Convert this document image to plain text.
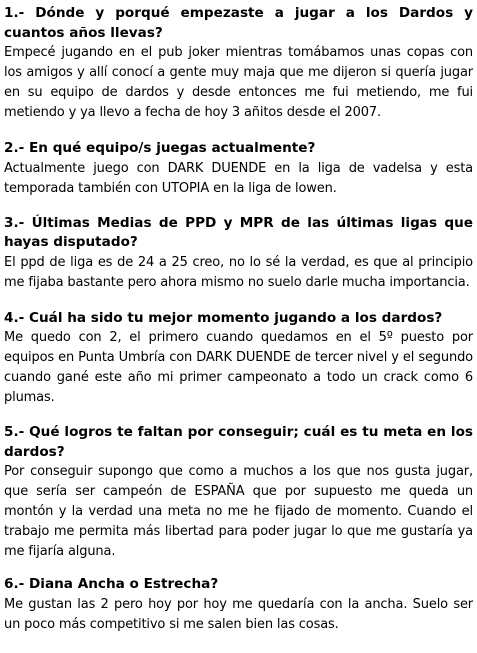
1.- Dónde y porqué empezaste a jugar a los Dardos y cuantos años llevas?

Empecé jugando en el pub joker mientras tomábamos unas copas con los amigos y allí conocí a gente muy maja que me dijeron si quería jugar en su equipo de dardos y desde entonces me fui metiendo, me fui metiendo y ya llevo a fecha de hoy 3 añitos desde el 2007.

2.- En qué equipo/s juegas actualmente?

Actualmente juego con DARK DUENDE en la liga de vadelsa y esta temporada también con UTOPIA en la liga de lowen.

3.- Últimas Medias de PPD y MPR de las últimas ligas que hayas disputado?

El ppd de liga es de 24 a 25 creo, no lo sé la verdad, es que al principio me fijaba bastante pero ahora mismo no suelo darle mucha importancia.

4.- Cuál ha sido tu mejor momento jugando a los dardos?

Me quedo con 2, el primero cuando quedamos en el 5º puesto por equipos en Punta Umbría con DARK DUENDE de tercer nivel y el segundo cuando gané este año mi primer campeonato a todo un crack como 6 plumas.

5.- Qué logros te faltan por conseguir; cuál es tu meta en los dardos?

Por conseguir supongo que como a muchos a los que nos gusta jugar, que sería ser campeón de ESPAÑA que por supuesto me queda un montón y la verdad una meta no me he fijado de momento. Cuando el trabajo me permita más libertad para poder jugar lo que me gustaría ya me fijaría alguna.

6.- Diana Ancha o Estrecha?

Me gustan las 2 pero hoy por hoy me quedaría con la ancha. Suelo ser un poco más competitivo si me salen bien las cosas.
